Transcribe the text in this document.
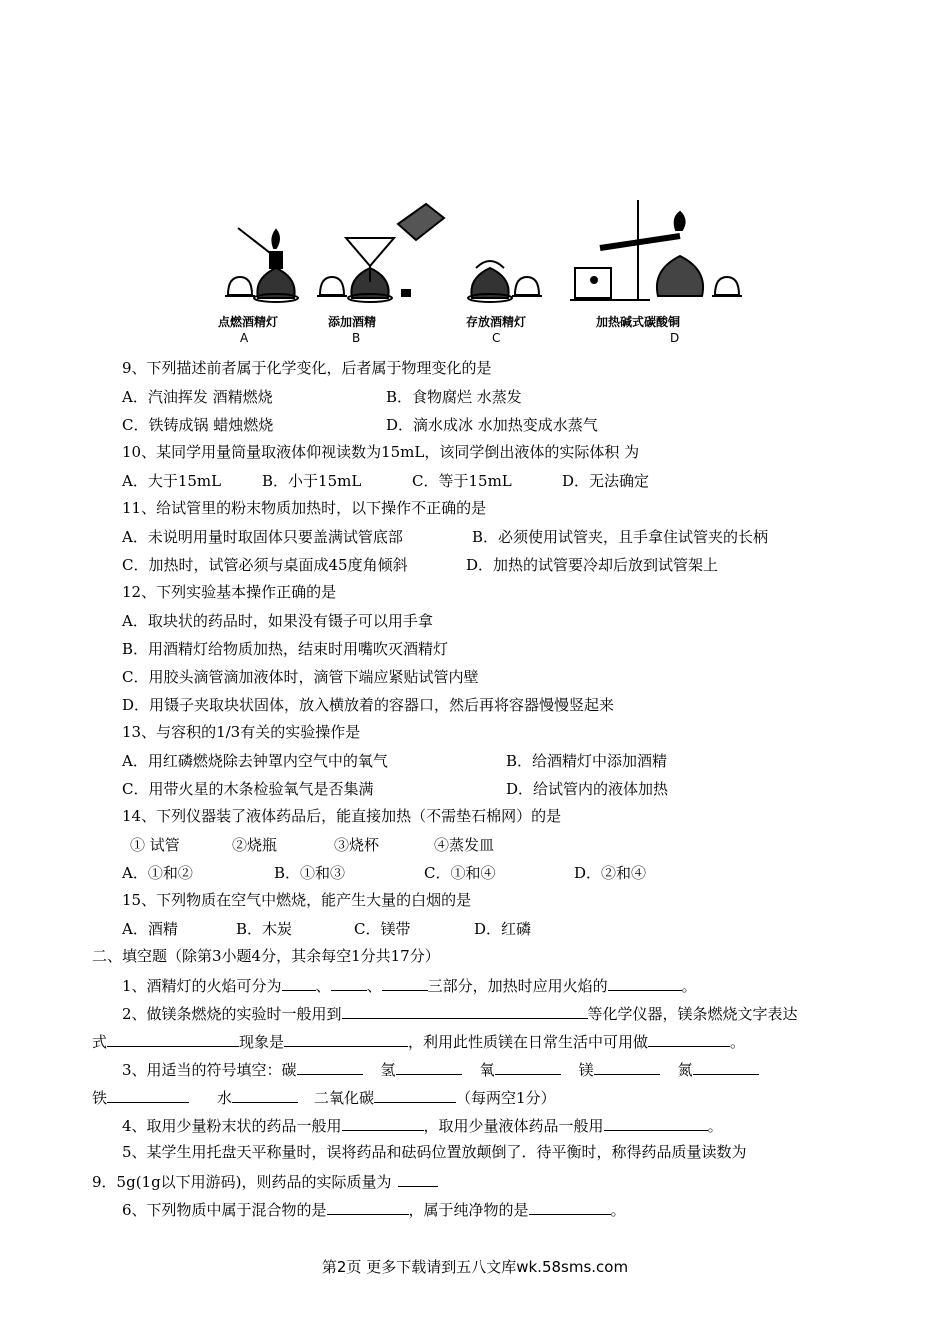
点燃酒精灯	添加酒精	存放酒精灯	加热碱式碳酸铜
A	B	C	D
9、下列描述前者属于化学变化，后者属于物理变化的是
A．汽油挥发 酒精燃烧	B．食物腐烂 水蒸发
C．铁铸成锅 蜡烛燃烧	D．滴水成冰 水加热变成水蒸气
10、某同学用量筒量取液体仰视读数为15mL，该同学倒出液体的实际体积 为
A．大于15mL	B．小于15mL	C．等于15mL	D．无法确定
11、给试管里的粉末物质加热时，以下操作不正确的是
A．未说明用量时取固体只要盖满试管底部	B．必须使用试管夹，且手拿住试管夹的长柄
C．加热时，试管必须与桌面成45度角倾斜	D．加热的试管要冷却后放到试管架上
12、下列实验基本操作正确的是
A．取块状的药品时，如果没有镊子可以用手拿
B．用酒精灯给物质加热，结束时用嘴吹灭酒精灯
C．用胶头滴管滴加液体时，滴管下端应紧贴试管内壁
D．用镊子夹取块状固体，放入横放着的容器口，然后再将容器慢慢竖起来
13、与容积的1/3有关的实验操作是
A．用红磷燃烧除去钟罩内空气中的氧气	B．给酒精灯中添加酒精
C．用带火星的木条检验氧气是否集满	D．给试管内的液体加热
14、下列仪器装了液体药品后，能直接加热（不需垫石棉网）的是
① 试管	②烧瓶	③烧杯	④蒸发皿
A．①和②	B．①和③	C．①和④	D．②和④
15、下列物质在空气中燃烧，能产生大量的白烟的是
A．酒精	B．木炭	C．镁带	D．红磷
二、填空题（除第3小题4分，其余每空1分共17分）
1、酒精灯的火焰可分为 、 、	三部分，加热时应用火焰的	。
2、做镁条燃烧的实验时一般用到	等化学仪器，镁条燃烧文字表达
式	现象是	，利用此性质镁在日常生活中可用做	。
3、用适当的符号填空：碳	氢	氧	镁	氮
铁	水	二氧化碳	（每两空1分）
4、取用少量粉末状的药品一般用	，取用少量液体药品一般用	。
5、某学生用托盘天平称量时，误将药品和砝码位置放颠倒了．待平衡时，称得药品质量读数为
9．5g(1g以下用游码)，则药品的实际质量为
6、下列物质中属于混合物的是	，属于纯净物的是	。
第2页 更多下载请到五八文库wk.58sms.com
